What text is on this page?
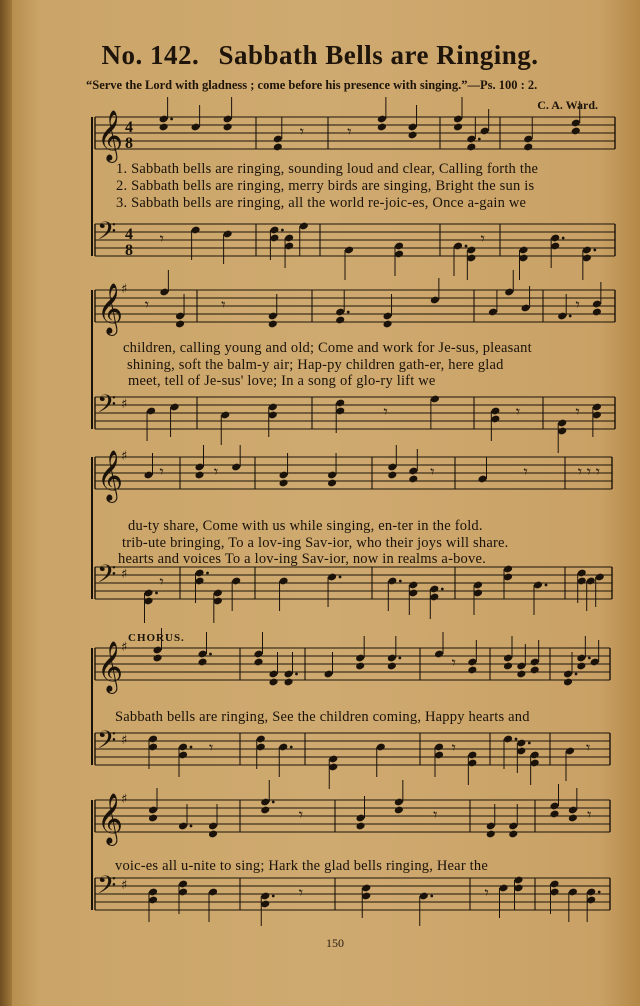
No. 142. Sabbath Bells are Ringing.
“Serve the Lord with gladness ; come before his presence with singing.”—Ps. 100 : 2.
C. A. Ward.
𝄾	𝄾
𝄾	𝄾
𝄾	𝄾	𝄾
𝄾	𝄾	𝄾
𝄾	𝄾	𝄾	𝄾	𝄾 𝄾 𝄾
𝄾
𝄾
𝄾	𝄾	𝄾
𝄾	𝄾	𝄾
𝄾	𝄾
𝄞 4
8
𝄢 4
8
𝄞
♯
𝄢 ♯
𝄞
♯
𝄢 ♯
𝄞
♯
𝄢 ♯
𝄞
♯
𝄢 ♯
1. Sabbath bells are ringing, sounding loud and clear, Calling forth the
2. Sabbath bells are ringing, merry birds are singing, Bright the sun is
3. Sabbath bells are ringing, all the world re-joic-es, Once a-gain we
children, calling young and old; Come and work for Je-sus, pleasant
shining, soft the balm-y air; Hap-py children gath-er, here glad
meet, tell of Je-sus' love; In a song of glo-ry lift we
du-ty share, Come with us while singing, en-ter in the fold.
trib-ute bringing, To a lov-ing Sav-ior, who their joys will share.
hearts and voices To a lov-ing Sav-ior, now in realms a-bove.
CHORUS.
Sabbath bells are ringing, See the children coming, Happy hearts and
voic-es all u-nite to sing; Hark the glad bells ringing, Hear the
150
